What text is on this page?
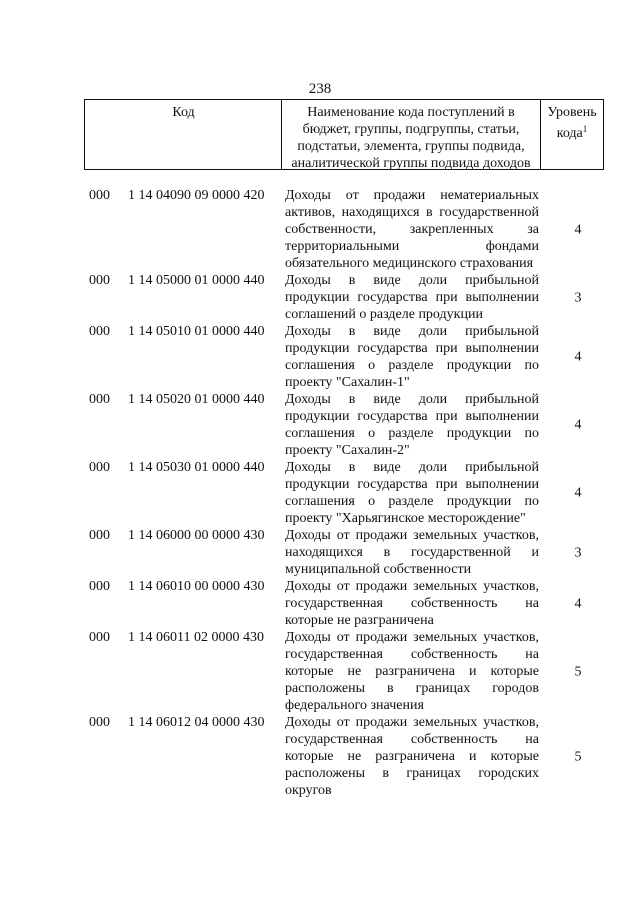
238
Код	Наименование кода поступлений в бюджет, группы, подгруппы, статьи, подстатьи, элемента, группы подвида, аналитической группы подвида доходов
Уровень кода$^1$
000 1 14 04090 09 0000 420 Доходы от продажи нематериальных активов, находящихся в государственной собственности, закрепленных за территориальными фондами обязательного медицинского страхования
4
000 1 14 05000 01 0000 440 Доходы в виде доли прибыльной продукции государства при выполнении соглашений о разделе продукции
3
000 1 14 05010 01 0000 440 Доходы в виде доли прибыльной продукции государства при выполнении соглашения о разделе продукции по проекту "Сахалин-1"
4
000 1 14 05020 01 0000 440 Доходы в виде доли прибыльной продукции государства при выполнении соглашения о разделе продукции по проекту "Сахалин-2"
4
000 1 14 05030 01 0000 440 Доходы в виде доли прибыльной продукции государства при выполнении соглашения о разделе продукции по проекту "Харьягинское месторождение"
4
000 1 14 06000 00 0000 430 Доходы от продажи земельных участков, находящихся в государственной и муниципальной собственности
3
000 1 14 06010 00 0000 430 Доходы от продажи земельных участков, государственная собственность на которые не разграничена
4
000 1 14 06011 02 0000 430 Доходы от продажи земельных участков, государственная собственность на которые не разграничена и которые расположены в границах городов федерального значения
5
000 1 14 06012 04 0000 430 Доходы от продажи земельных участков, государственная собственность на которые не разграничена и которые расположены в границах городских округов
5
